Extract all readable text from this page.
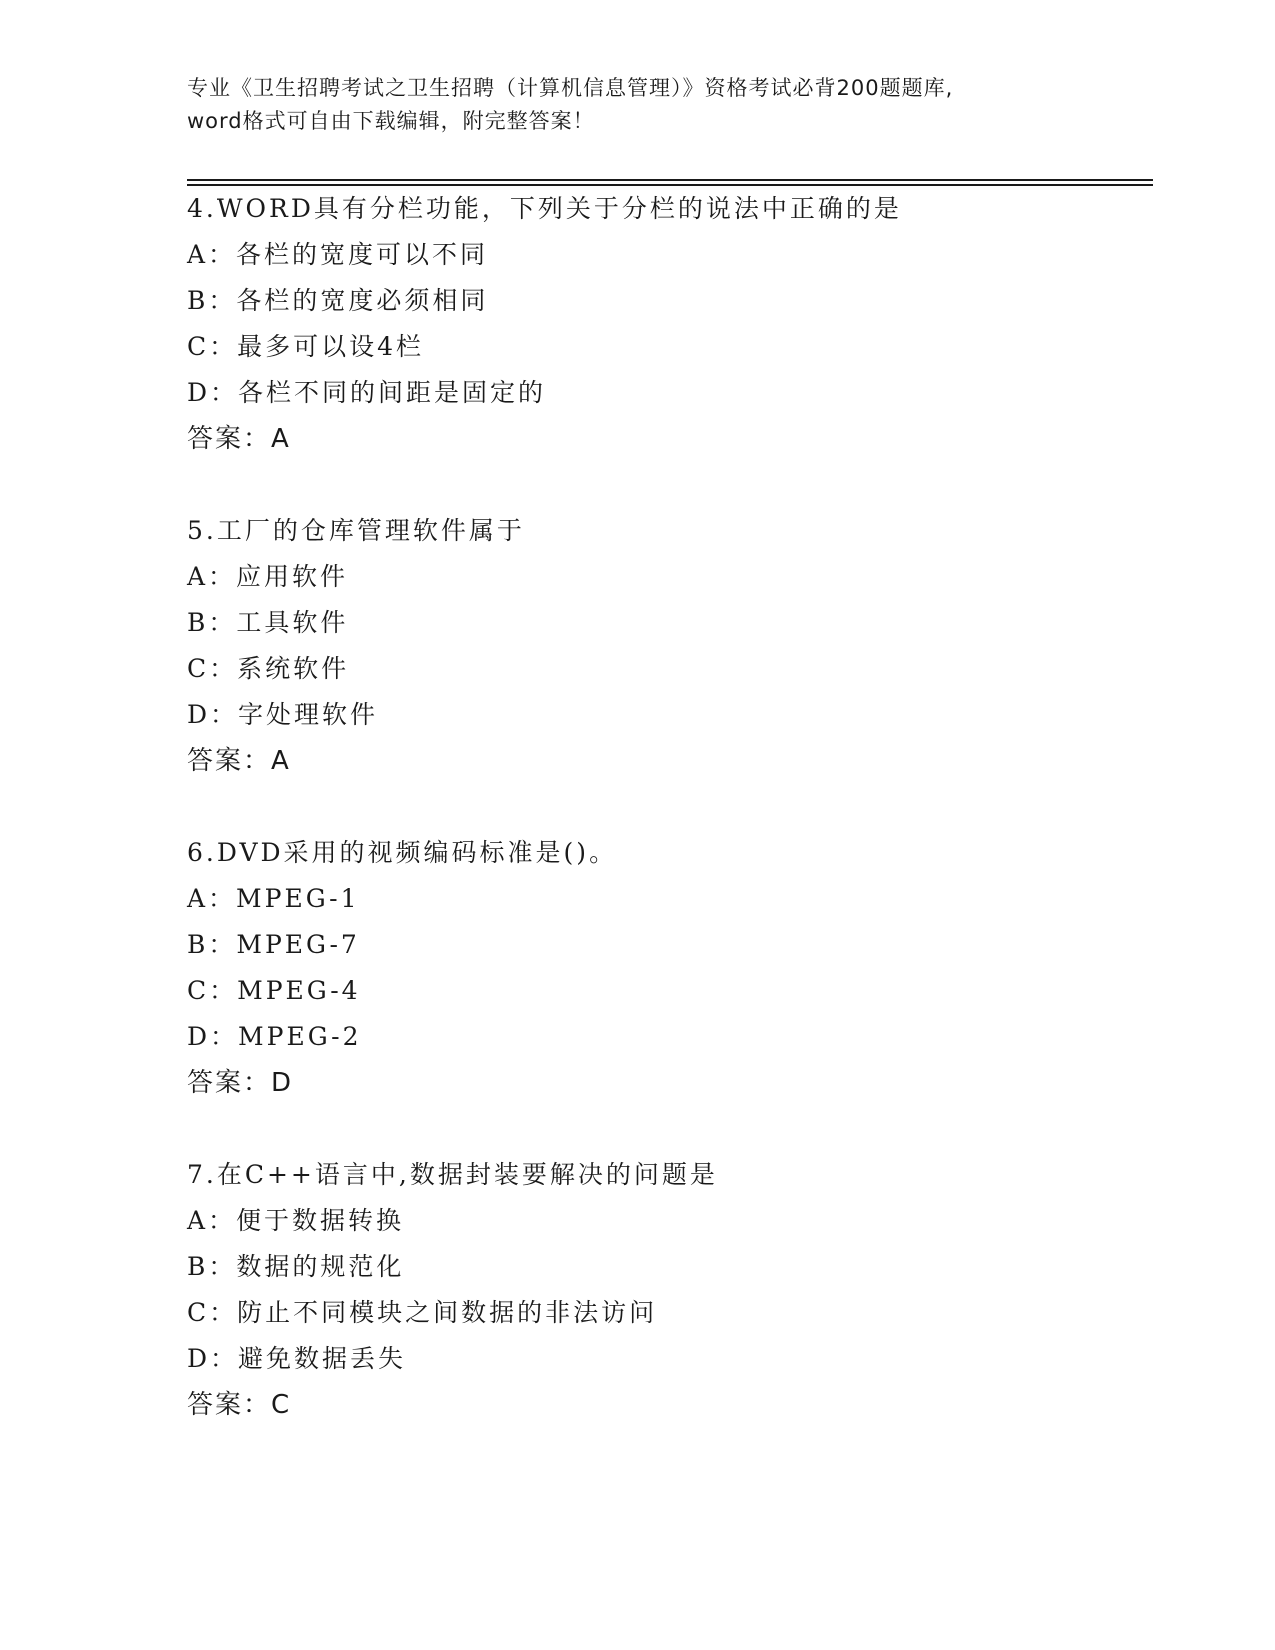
专业《卫生招聘考试之卫生招聘（计算机信息管理）》资格考试必背200题题库,
word格式可自由下载编辑，附完整答案！
4.WORD具有分栏功能，下列关于分栏的说法中正确的是
A：各栏的宽度可以不同
B：各栏的宽度必须相同
C：最多可以设4栏
D：各栏不同的间距是固定的
答案：A
5.工厂的仓库管理软件属于
A：应用软件
B：工具软件
C：系统软件
D：字处理软件
答案：A
6.DVD采用的视频编码标准是()。
A：MPEG-1
B：MPEG-7
C：MPEG-4
D：MPEG-2
答案：D
7.在C++语言中,数据封装要解决的问题是
A：便于数据转换
B：数据的规范化
C：防止不同模块之间数据的非法访问
D：避免数据丢失
答案：C
